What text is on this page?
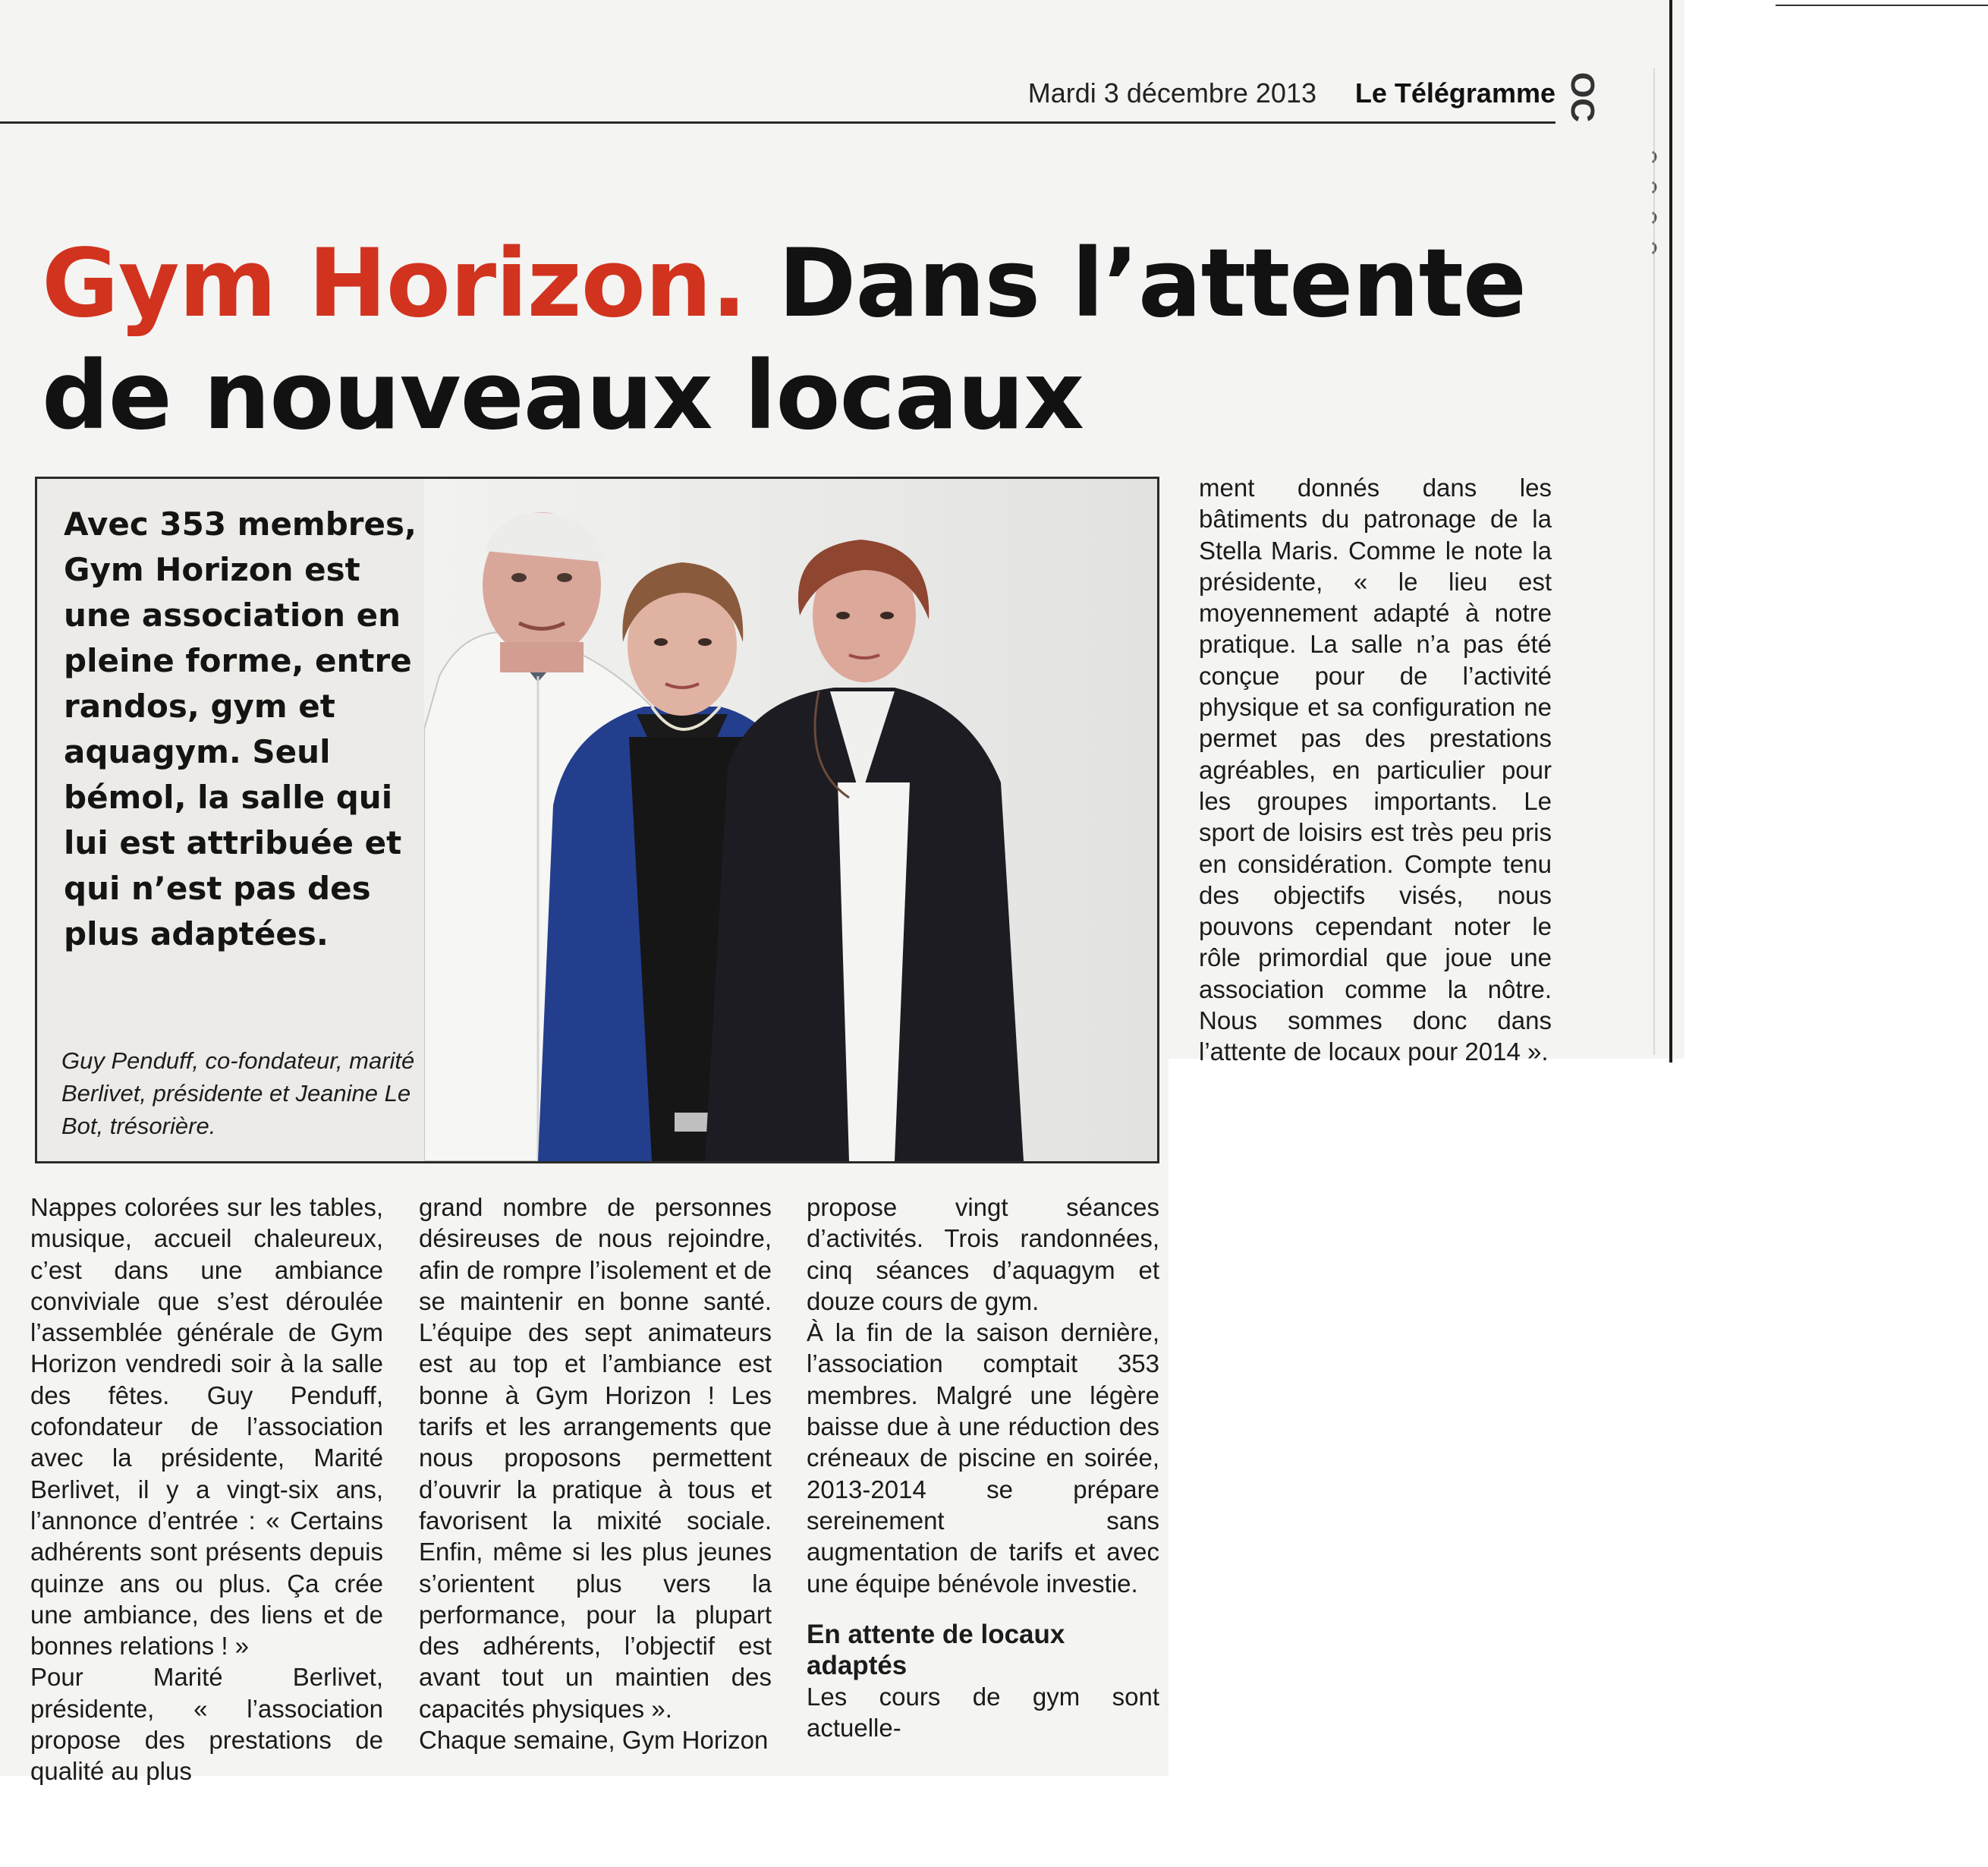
Mardi 3 décembre 2013 Le Télégramme OC
Gym Horizon. Dans l’attente
de nouveaux locaux
Avec 353 membres, Gym Horizon est une association en pleine forme, entre randos, gym et aquagym. Seul bémol, la salle qui lui est attribuée et qui n’est pas des plus adaptées.
Guy Penduff, co-fondateur, marité Berlivet, présidente et Jeanine Le Bot, trésorière.

Nappes colorées sur les tables, musique, accueil chaleureux, c’est dans une ambiance conviviale que s’est déroulée l’assemblée générale de Gym Horizon vendredi soir à la salle des fêtes. Guy Penduff, cofondateur de l’association avec la présidente, Marité Berlivet, il y a vingt-six ans, l’annonce d’entrée : « Certains adhérents sont présents depuis quinze ans ou plus. Ça crée une ambiance, des liens et de bonnes relations ! »

Pour Marité Berlivet, présidente, « l’association propose des prestations de qualité au plus

grand nombre de personnes désireuses de nous rejoindre, afin de rompre l’isolement et de se maintenir en bonne santé. L’équipe des sept animateurs est au top et l’ambiance est bonne à Gym Horizon ! Les tarifs et les arrangements que nous proposons permettent d’ouvrir la pratique à tous et favorisent la mixité sociale. Enfin, même si les plus jeunes s’orientent plus vers la performance, pour la plupart des adhérents, l’objectif est avant tout un maintien des capacités physiques ».

Chaque semaine, Gym Horizon

propose vingt séances d’activités. Trois randonnées, cinq séances d’aquagym et douze cours de gym.

À la fin de la saison dernière, l’association comptait 353 membres. Malgré une légère baisse due à une réduction des créneaux de piscine en soirée, 2013-2014 se prépare sereinement sans augmentation de tarifs et avec une équipe bénévole investie.

En attente de locaux adaptés

Les cours de gym sont actuelle-

ment donnés dans les bâtiments du patronage de la Stella Maris. Comme le note la présidente, « le lieu est moyennement adapté à notre pratique. La salle n’a pas été conçue pour de l’activité physique et sa configuration ne permet pas des prestations agréables, en particulier pour les groupes importants. Le sport de loisirs est très peu pris en considération. Compte tenu des objectifs visés, nous pouvons cependant noter le rôle primordial que joue une association comme la nôtre. Nous sommes donc dans l’attente de locaux pour 2014 ».
